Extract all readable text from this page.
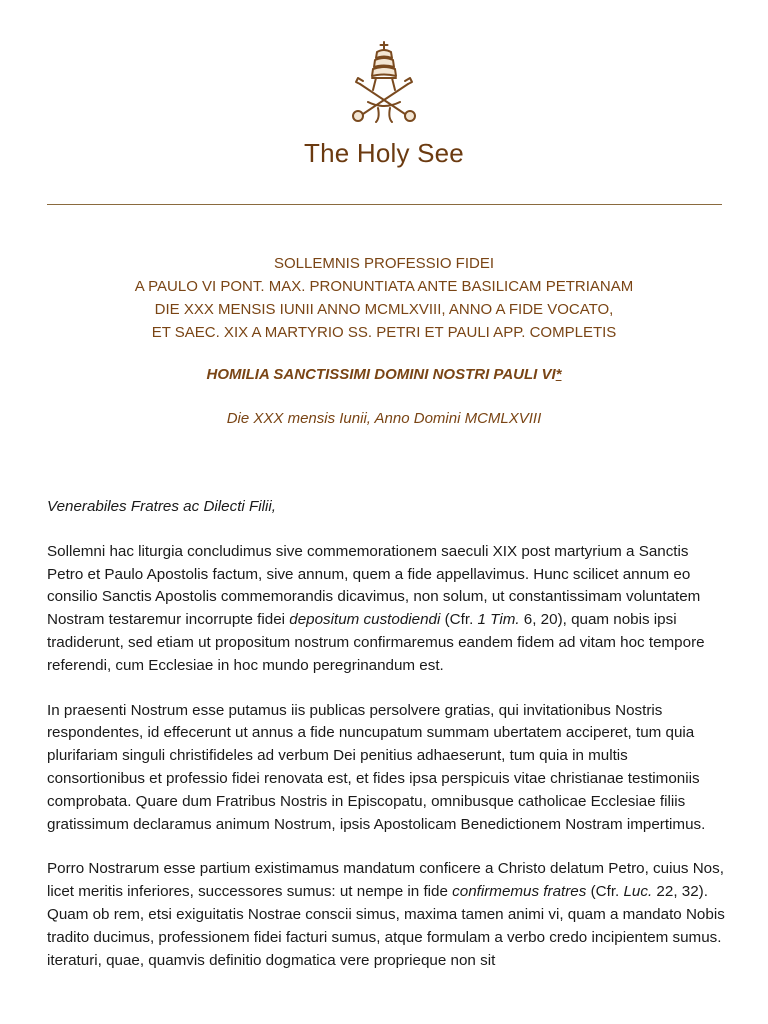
The Holy See
SOLLEMNIS PROFESSIO FIDEI
A PAULO VI PONT. MAX. PRONUNTIATA ANTE BASILICAM PETRIANAM
DIE XXX MENSIS IUNII ANNO MCMLXVIII, ANNO A FIDE VOCATO,
ET SAEC. XIX A MARTYRIO SS. PETRI ET PAULI APP. COMPLETIS
HOMILIA SANCTISSIMI DOMINI NOSTRI PAULI VI*
Die XXX mensis Iunii, Anno Domini MCMLXVIII

Venerabiles Fratres ac Dilecti Filii,

Sollemni hac liturgia concludimus sive commemorationem saeculi XIX post martyrium a Sanctis Petro et Paulo Apostolis factum, sive annum, quem a fide appellavimus. Hunc scilicet annum eo consilio Sanctis Apostolis commemorandis dicavimus, non solum, ut constantissimam voluntatem Nostram testaremur incorrupte fidei depositum custodiendi (Cfr. 1 Tim. 6, 20), quam nobis ipsi tradiderunt, sed etiam ut propositum nostrum confirmaremus eandem fidem ad vitam hoc tempore referendi, cum Ecclesiae in hoc mundo peregrinandum est.

In praesenti Nostrum esse putamus iis publicas persolvere gratias, qui invitationibus Nostris respondentes, id effecerunt ut annus a fide nuncupatum summam ubertatem acciperet, tum quia plurifariam singuli christifideles ad verbum Dei penitius adhaeserunt, tum quia in multis consortionibus et professio fidei renovata est, et fides ipsa perspicuis vitae christianae testimoniis comprobata. Quare dum Fratribus Nostris in Episcopatu, omnibusque catholicae Ecclesiae filiis gratissimum declaramus animum Nostrum, ipsis Apostolicam Benedictionem Nostram impertimus.

Porro Nostrarum esse partium existimamus mandatum conficere a Christo delatum Petro, cuius Nos, licet meritis inferiores, successores sumus: ut nempe in fide confirmemus fratres (Cfr. Luc. 22, 32). Quam ob rem, etsi exiguitatis Nostrae conscii simus, maxima tamen animi vi, quam a mandato Nobis tradito ducimus, professionem fidei facturi sumus, atque formulam a verbo credo incipientem sumus. iteraturi, quae, quamvis definitio dogmatica vere proprieque non sit
